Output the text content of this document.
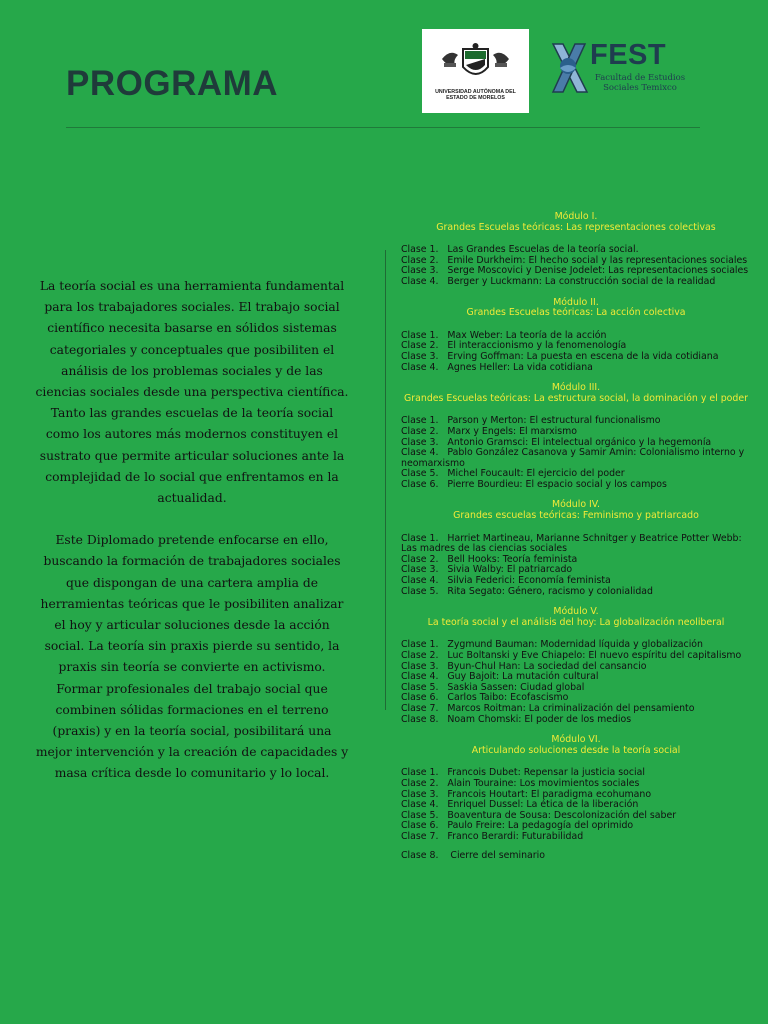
PROGRAMA	UNIVERSIDAD AUTÓNOMA DEL
ESTADO DE MORELOS
FEST
Facultad de Estudios
Sociales Temixco

La teoría social es una herramienta fundamental para los trabajadores sociales. El trabajo social científico necesita basarse en sólidos sistemas categoriales y conceptuales que posibiliten el análisis de los problemas sociales y de las ciencias sociales desde una perspectiva científica. Tanto las grandes escuelas de la teoría social como los autores más modernos constituyen el sustrato que permite articular soluciones ante la complejidad de lo social que enfrentamos en la actualidad.

Este Diplomado pretende enfocarse en ello, buscando la formación de trabajadores sociales que dispongan de una cartera amplia de herramientas teóricas que le posibiliten analizar el hoy y articular soluciones desde la acción social. La teoría sin praxis pierde su sentido, la praxis sin teoría se convierte en activismo. Formar profesionales del trabajo social que combinen sólidas formaciones en el terreno (praxis) y en la teoría social, posibilitará una mejor intervención y la creación de capacidades y masa crítica desde lo comunitario y lo local.

Módulo I.
Grandes Escuelas teóricas: Las representaciones colectivas
Clase 1.   Las Grandes Escuelas de la teoría social.
Clase 2.   Emile Durkheim: El hecho social y las representaciones sociales
Clase 3.   Serge Moscovici y Denise Jodelet: Las representaciones sociales
Clase 4.   Berger y Luckmann: La construcción social de la realidad
Módulo II.
Grandes Escuelas teóricas: La acción colectiva
Clase 1.   Max Weber: La teoría de la acción
Clase 2.   El interaccionismo y la fenomenología
Clase 3.   Erving Goffman: La puesta en escena de la vida cotidiana
Clase 4.   Agnes Heller: La vida cotidiana
Módulo III.
Grandes Escuelas teóricas: La estructura social, la dominación y el poder
Clase 1.   Parson y Merton: El estructural funcionalismo
Clase 2.   Marx y Engels: El marxismo
Clase 3.   Antonio Gramsci: El intelectual orgánico y la hegemonía
Clase 4.   Pablo González Casanova y Samir Amin: Colonialismo interno y neomarxismo
Clase 5.   Michel Foucault: El ejercicio del poder
Clase 6.   Pierre Bourdieu: El espacio social y los campos
Módulo IV.
Grandes escuelas teóricas: Feminismo y patriarcado
Clase 1.   Harriet Martineau, Marianne Schnitger y Beatrice Potter Webb: Las madres de las ciencias sociales
Clase 2.   Bell Hooks: Teoría feminista
Clase 3.   Sivia Walby: El patriarcado
Clase 4.   Silvia Federici: Economía feminista
Clase 5.   Rita Segato: Género, racismo y colonialidad
Módulo V.
La teoría social y el análisis del hoy: La globalización neoliberal
Clase 1.   Zygmund Bauman: Modernidad líquida y globalización
Clase 2.   Luc Boltanski y Eve Chiapelo: El nuevo espíritu del capitalismo
Clase 3.   Byun-Chul Han: La sociedad del cansancio
Clase 4.   Guy Bajoit: La mutación cultural
Clase 5.   Saskia Sassen: Ciudad global
Clase 6.   Carlos Taibo: Ecofascismo
Clase 7.   Marcos Roitman: La criminalización del pensamiento
Clase 8.   Noam Chomski: El poder de los medios
Módulo VI.
Articulando soluciones desde la teoría social
Clase 1.   Francois Dubet: Repensar la justicia social
Clase 2.   Alain Touraine: Los movimientos sociales
Clase 3.   Francois Houtart: El paradigma ecohumano
Clase 4.   Enriquel Dussel: La ética de la liberación
Clase 5.   Boaventura de Sousa: Descolonización del saber
Clase 6.   Paulo Freire: La pedagogía del oprimido
Clase 7.   Franco Berardi: Futurabilidad
Clase 8.    Cierre del seminario
